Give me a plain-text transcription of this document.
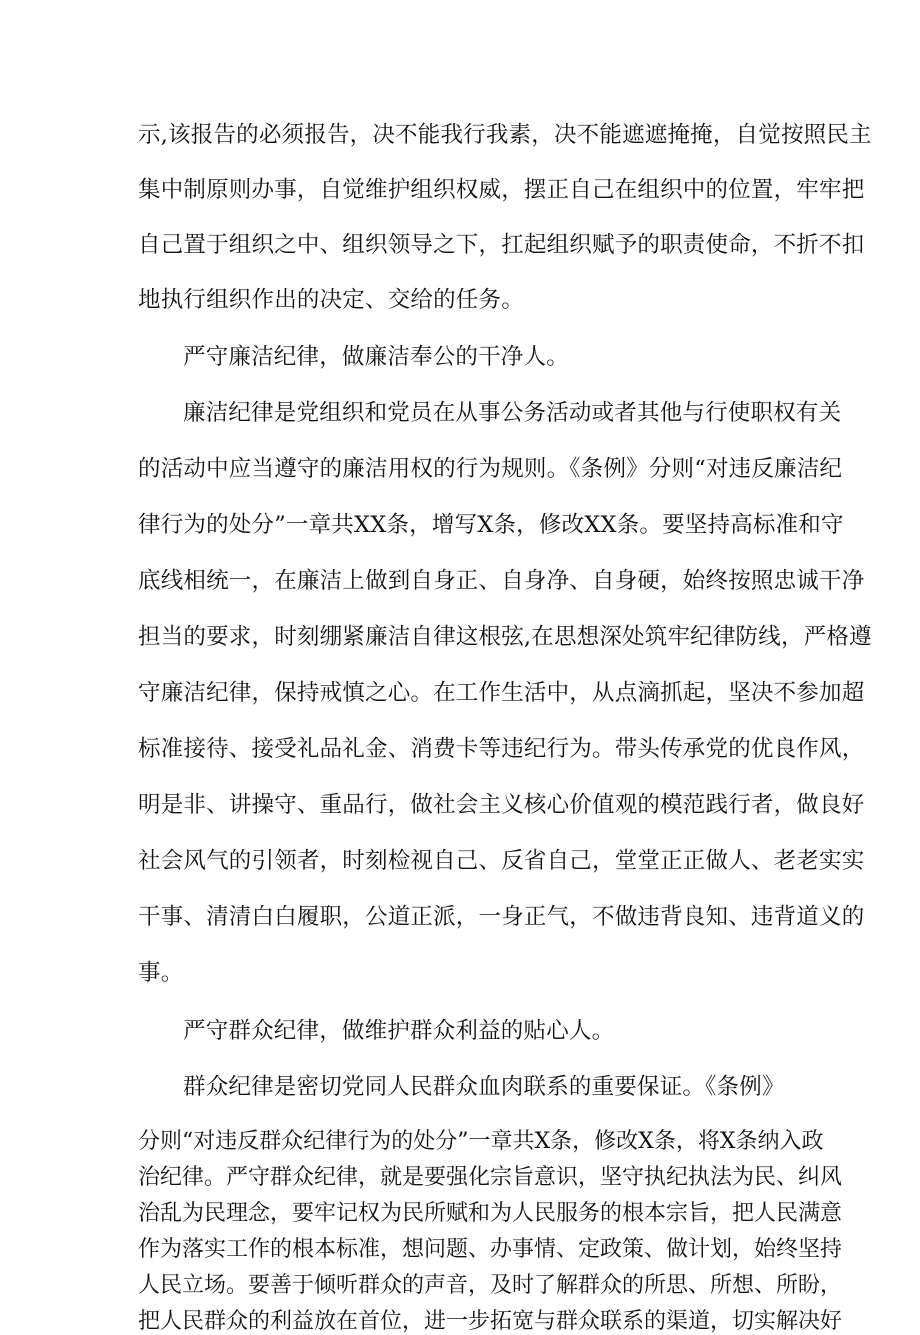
示,该报告的必须报告，决不能我行我素，决不能遮遮掩掩，自觉按照民主
集中制原则办事，自觉维护组织权威，摆正自己在组织中的位置，牢牢把
自己置于组织之中、组织领导之下，扛起组织赋予的职责使命，不折不扣
地执行组织作出的决定、交给的任务。
严守廉洁纪律，做廉洁奉公的干净人。
廉洁纪律是党组织和党员在从事公务活动或者其他与行使职权有关
的活动中应当遵守的廉洁用权的行为规则。《条例》分则“对违反廉洁纪
律行为的处分”一章共XX条，增写X条，修改XX条。要坚持高标准和守
底线相统一，在廉洁上做到自身正、自身净、自身硬，始终按照忠诚干净
担当的要求，时刻绷紧廉洁自律这根弦,在思想深处筑牢纪律防线，严格遵
守廉洁纪律，保持戒慎之心。在工作生活中，从点滴抓起，坚决不参加超
标准接待、接受礼品礼金、消费卡等违纪行为。带头传承党的优良作风，
明是非、讲操守、重品行，做社会主义核心价值观的模范践行者，做良好
社会风气的引领者，时刻检视自己、反省自己，堂堂正正做人、老老实实
干事、清清白白履职，公道正派，一身正气，不做违背良知、违背道义的
事。
严守群众纪律，做维护群众利益的贴心人。
群众纪律是密切党同人民群众血肉联系的重要保证。《条例》
分则“对违反群众纪律行为的处分”一章共X条，修改X条，将X条纳入政
治纪律。严守群众纪律，就是要强化宗旨意识，坚守执纪执法为民、纠风
治乱为民理念，要牢记权为民所赋和为人民服务的根本宗旨，把人民满意
作为落实工作的根本标准，想问题、办事情、定政策、做计划，始终坚持
人民立场。要善于倾听群众的声音，及时了解群众的所思、所想、所盼，
把人民群众的利益放在首位，进一步拓宽与群众联系的渠道，切实解决好
